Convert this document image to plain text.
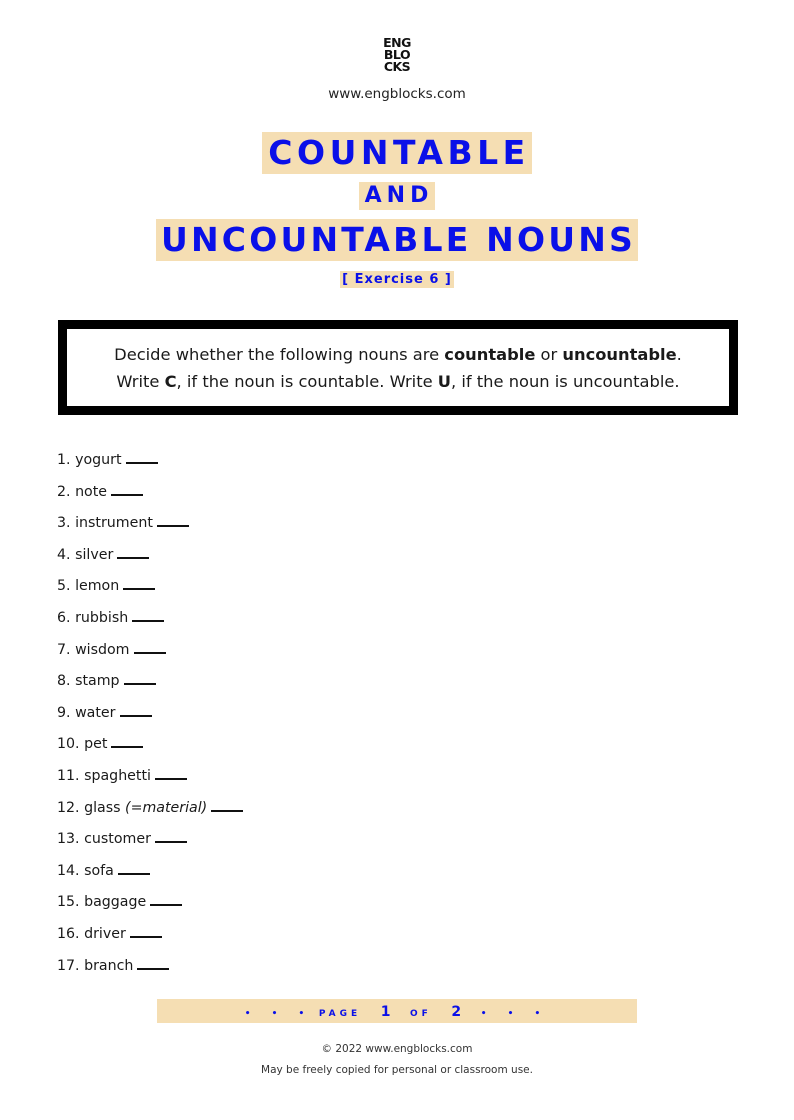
ENG
BLO
CKS
www.engblocks.com
COUNTABLE
AND
UNCOUNTABLE NOUNS
[ Exercise 6 ]

Decide whether the following nouns are countable or uncountable.

Write C, if the noun is countable. Write U, if the noun is uncountable.

1. yogurt
2. note
3. instrument
4. silver
5. lemon
6. rubbish
7. wisdom
8. stamp
9. water
10. pet
11. spaghetti
12. glass (=material)
13. customer
14. sofa
15. baggage
16. driver
17. branch
• • • PAGE 1 OF 2 • • •
© 2022 www.engblocks.com
May be freely copied for personal or classroom use.
